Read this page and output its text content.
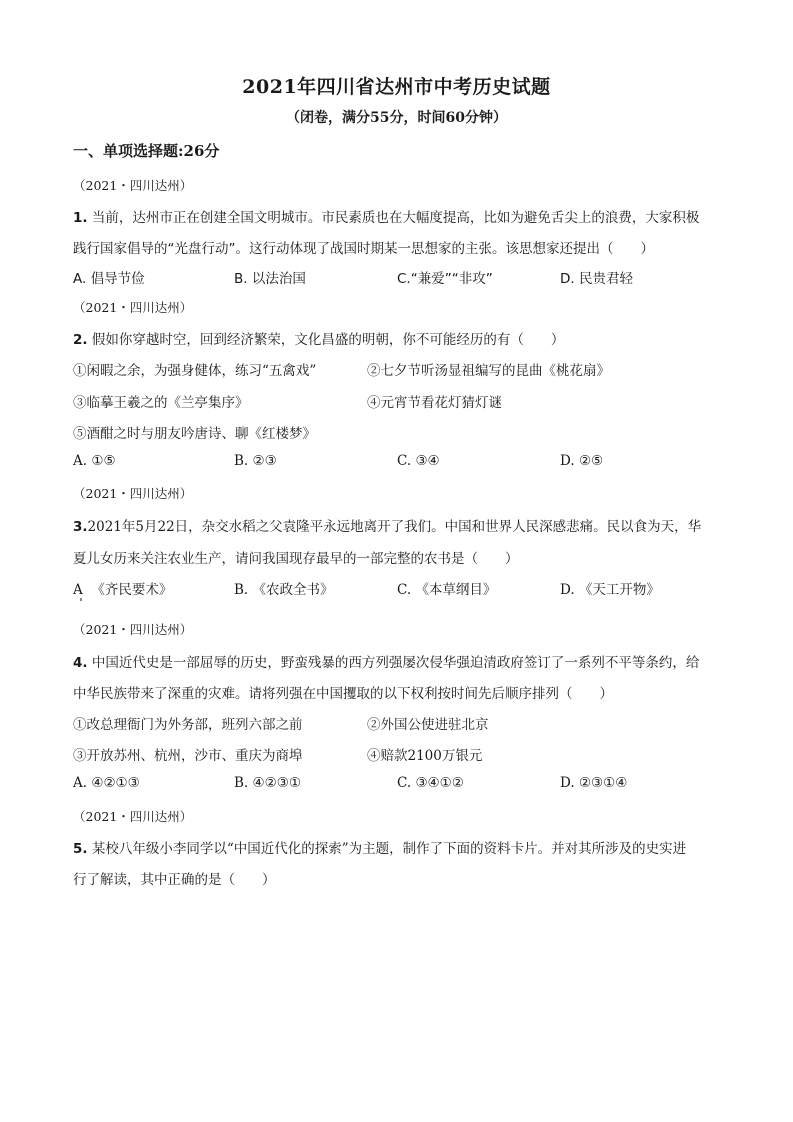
2021年四川省达州市中考历史试题
（闭卷，满分55分，时间60分钟）
一、单项选择题:26分
（2021・四川达州）
1. 当前，达州市正在创建全国文明城市。市民素质也在大幅度提高，比如为避免舌尖上的浪费，大家积极
践行国家倡导的“光盘行动”。这行动体现了战国时期某一思想家的主张。该思想家还提出（　　）
A. 倡导节俭	B. 以法治国	C.“兼爱”“非攻”	D. 民贵君轻
（2021・四川达州）
2. 假如你穿越时空，回到经济繁荣，文化昌盛的明朝，你不可能经历的有（　　）
①闲暇之余，为强身健体，练习“五禽戏”	②七夕节听汤显祖编写的昆曲《桃花扇》
③临摹王羲之的《兰亭集序》	④元宵节看花灯猜灯谜
⑤酒酣之时与朋友吟唐诗、聊《红楼梦》
A. ①⑤	B. ②③	C. ③④	D. ②⑤
（2021・四川达州）
3.2021年5月22日，杂交水稻之父袁隆平永远地离开了我们。中国和世界人民深感悲痛。民以食为天，华
夏儿女历来关注农业生产，请问我国现存最早的一部完整的农书是（　　）
A 《齐民要术》	B. 《农政全书》	C. 《本草纲目》	D. 《天工开物》
（2021・四川达州）
4. 中国近代史是一部屈辱的历史，野蛮残暴的西方列强屡次侵华强迫清政府签订了一系列不平等条约，给
中华民族带来了深重的灾难。请将列强在中国攫取的以下权利按时间先后顺序排列（　　）
①改总理衙门为外务部，班列六部之前	②外国公使进驻北京
③开放苏州、杭州，沙市、重庆为商埠	④赔款2100万银元
A. ④②①③	B. ④②③①	C. ③④①②	D. ②③①④
（2021・四川达州）
5. 某校八年级小李同学以“中国近代化的探索”为主题，制作了下面的资料卡片。并对其所涉及的史实进
行了解读，其中正确的是（　　）
